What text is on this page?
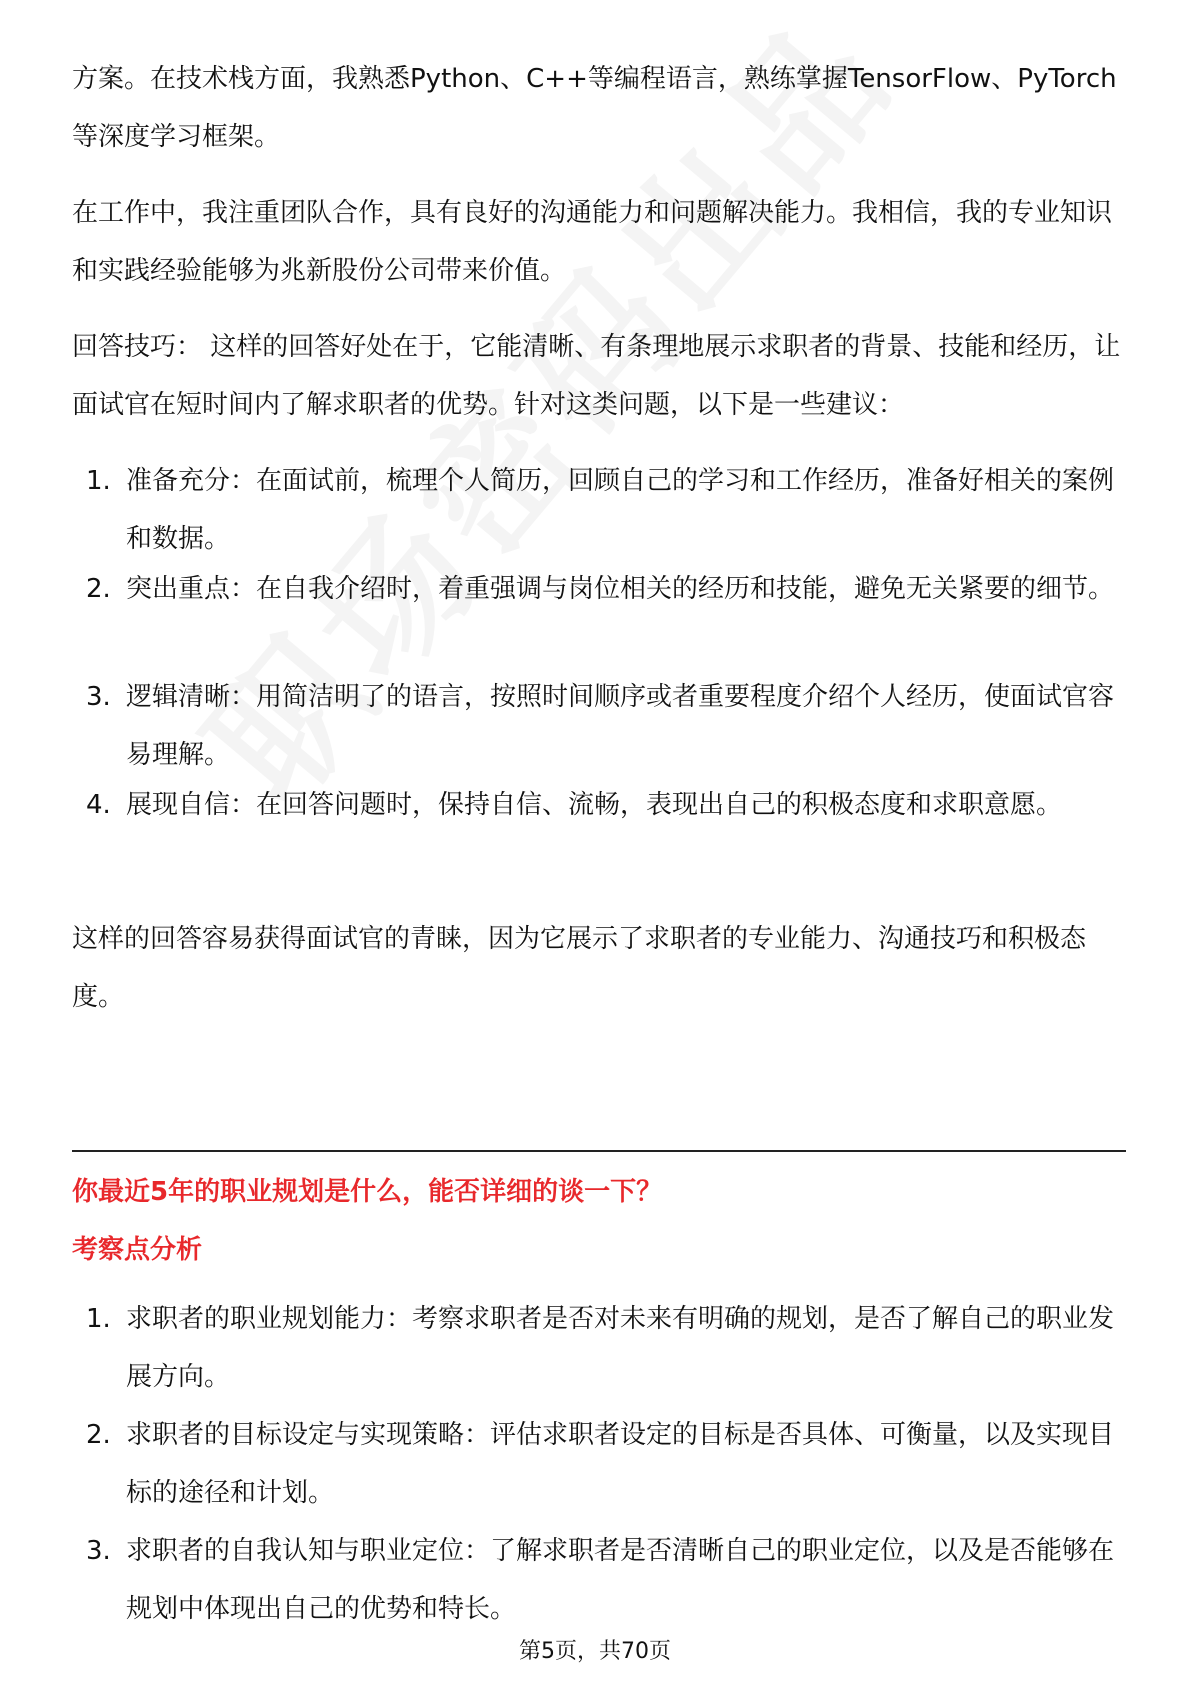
方案。在技术栈方面，我熟悉Python、C++等编程语言，熟练掌握TensorFlow、PyTorch等深度学习框架。

在工作中，我注重团队合作，具有良好的沟通能力和问题解决能力。我相信，我的专业知识和实践经验能够为兆新股份公司带来价值。

回答技巧： 这样的回答好处在于，它能清晰、有条理地展示求职者的背景、技能和经历，让面试官在短时间内了解求职者的优势。针对这类问题，以下是一些建议：

1. 准备充分：在面试前，梳理个人简历，回顾自己的学习和工作经历，准备好相关的案例和数据。
2. 突出重点：在自我介绍时，着重强调与岗位相关的经历和技能，避免无关紧要的细节。
3. 逻辑清晰：用简洁明了的语言，按照时间顺序或者重要程度介绍个人经历，使面试官容易理解。
4. 展现自信：在回答问题时，保持自信、流畅，表现出自己的积极态度和求职意愿。

这样的回答容易获得面试官的青睐，因为它展示了求职者的专业能力、沟通技巧和积极态度。

你最近5年的职业规划是什么，能否详细的谈一下？

考察点分析

1. 求职者的职业规划能力：考察求职者是否对未来有明确的规划，是否了解自己的职业发展方向。
2. 求职者的目标设定与实现策略：评估求职者设定的目标是否具体、可衡量，以及实现目标的途径和计划。
3. 求职者的自我认知与职业定位：了解求职者是否清晰自己的职业定位，以及是否能够在规划中体现出自己的优势和特长。
第5页，共70页
